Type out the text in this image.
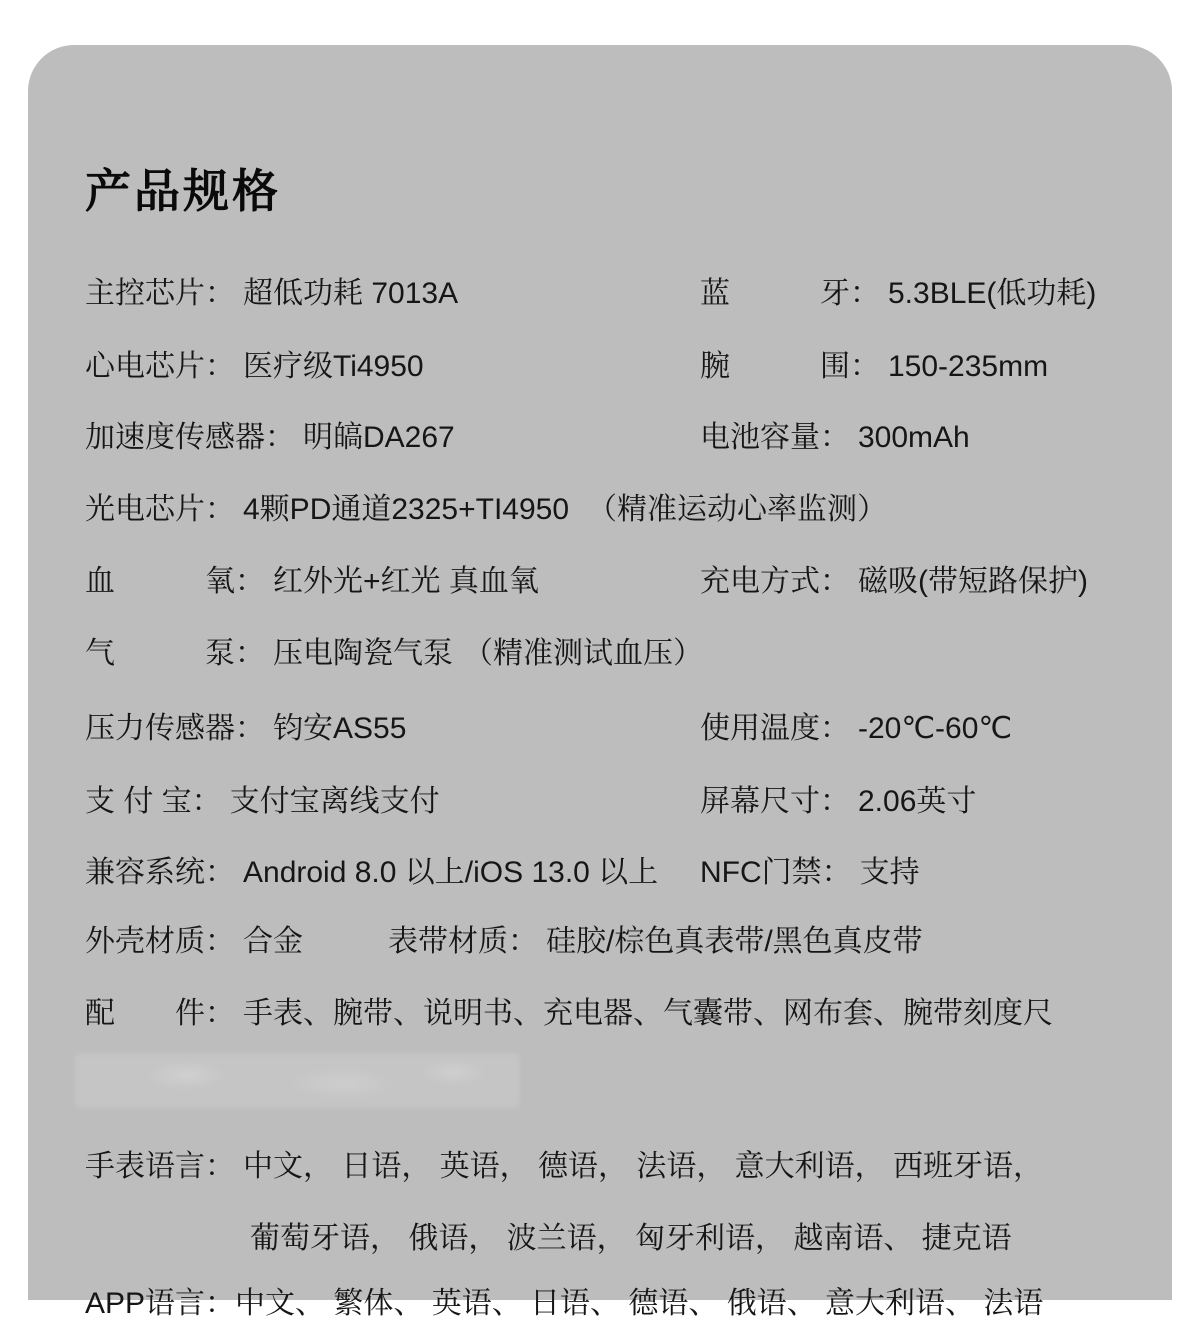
产品规格
主控芯片： 超低功耗 7013A	蓝　　　牙： 5.3BLE(低功耗)
心电芯片： 医疗级Ti4950	腕　　　围： 150-235mm
加速度传感器： 明皜DA267	电池容量： 300mAh
光电芯片： 4颗PD通道2325+TI4950 （精准运动心率监测）
血　　　氧： 红外光+红光 真血氧	充电方式： 磁吸(带短路保护)
气　　　泵： 压电陶瓷气泵 （精准测试血压）
压力传感器： 钧安AS55	使用温度： -20℃-60℃
支 付 宝： 支付宝离线支付	屏幕尺寸： 2.06英寸
兼容系统： Android 8.0 以上/iOS 13.0 以上 NFC门禁： 支持
外壳材质： 合金	表带材质： 硅胶/棕色真表带/黑色真皮带
配　　件： 手表、腕带、说明书、充电器、气囊带、网布套、腕带刻度尺
手表语言： 中文， 日语， 英语， 德语， 法语， 意大利语， 西班牙语，
葡萄牙语， 俄语， 波兰语， 匈牙利语， 越南语、 捷克语
APP语言：中文、 繁体、 英语、 日语、 德语、 俄语、 意大利语、 法语
